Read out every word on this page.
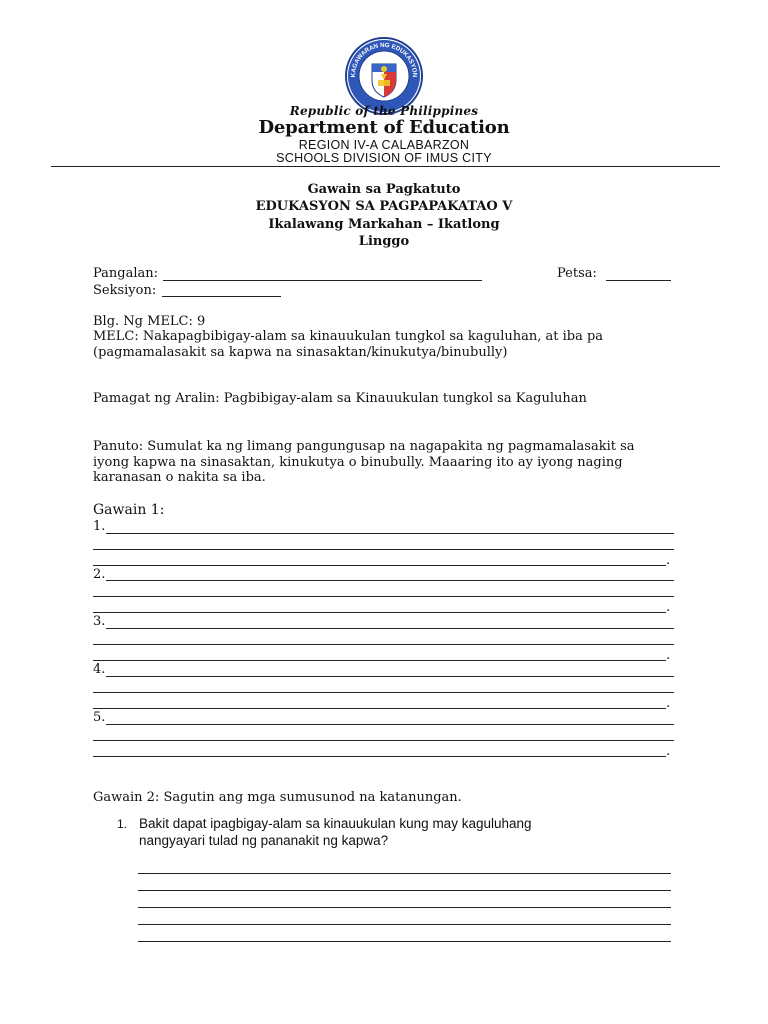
KAGAWARAN NG EDUKASYON
Republic of the Philippines
Department of Education
REGION IV-A CALABARZON
SCHOOLS DIVISION OF IMUS CITY
Gawain sa Pagkatuto
EDUKASYON SA PAGPAPAKATAO V
Ikalawang Markahan – Ikatlong
Linggo
Pangalan:	Petsa:
Seksiyon:
Blg. Ng MELC: 9
MELC: Nakapagbibigay-alam sa kinauukulan tungkol sa kaguluhan, at iba pa
(pagmamalasakit sa kapwa na sinasaktan/kinukutya/binubully)
Pamagat ng Aralin: Pagbibigay-alam sa Kinauukulan tungkol sa Kaguluhan
Panuto: Sumulat ka ng limang pangungusap na nagapakita ng pagmamalasakit sa
iyong kapwa na sinasaktan, kinukutya o binubully. Maaaring ito ay iyong naging
karanasan o nakita sa iba.
Gawain 1:
1.
.
2.
.
3.
.
4.
.
5.
.
Gawain 2: Sagutin ang mga sumusunod na katanungan.
1. Bakit dapat ipagbigay-alam sa kinauukulan kung may kaguluhang
nangyayari tulad ng pananakit ng kapwa?
